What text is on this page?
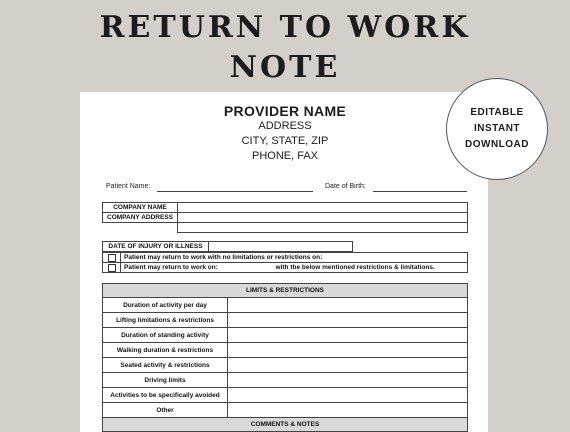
RETURN TO WORK
NOTE
PROVIDER NAME
ADDRESS
CITY, STATE, ZIP
PHONE, FAX
EDITABLE
INSTANT
DOWNLOAD
Patient Name:	Date of Birth:
COMPANY NAME	
COMPANY ADDRESS	

DATE OF INJURY OR ILLNESS	
	Patient may return to work with no limitations or restrictions on:
	Patient may return to work on: with the below mentioned restrictions & limitations.
LIMITS & RESTRICTIONS	
Duration of activity per day	
Lifting limitations & restrictions	
Duration of standing activity	
Walking duration & restrictions	
Seated activity & restrictions	
Driving limits	
Activities to be specifically avoided	
Other	
COMMENTS & NOTES	
